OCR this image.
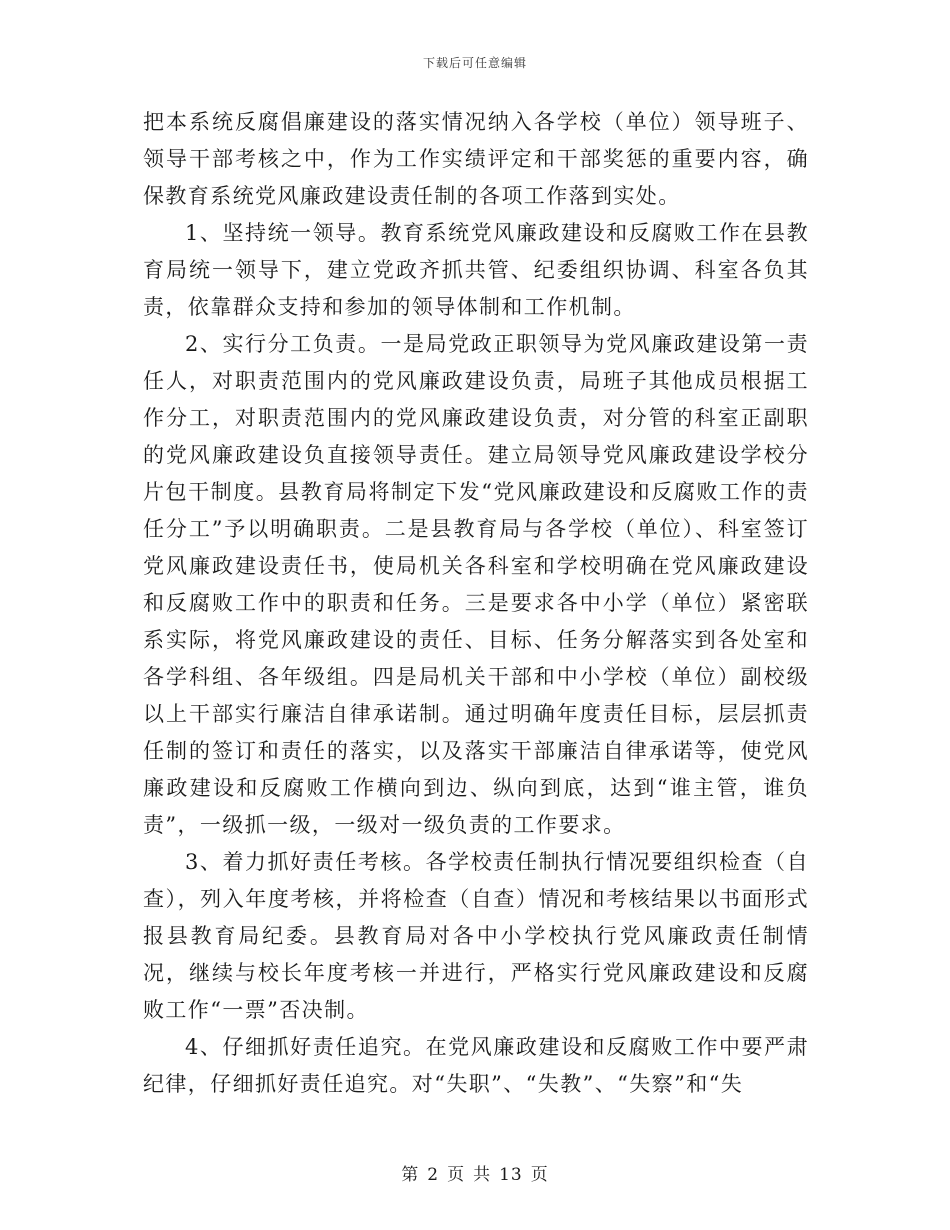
下载后可任意编辑

把本系统反腐倡廉建设的落实情况纳入各学校（单位）领导班子、领导干部考核之中，作为工作实绩评定和干部奖惩的重要内容，确保教育系统党风廉政建设责任制的各项工作落到实处。

1、坚持统一领导。教育系统党风廉政建设和反腐败工作在县教育局统一领导下，建立党政齐抓共管、纪委组织协调、科室各负其责，依靠群众支持和参加的领导体制和工作机制。

2、实行分工负责。一是局党政正职领导为党风廉政建设第一责任人，对职责范围内的党风廉政建设负责，局班子其他成员根据工作分工，对职责范围内的党风廉政建设负责，对分管的科室正副职的党风廉政建设负直接领导责任。建立局领导党风廉政建设学校分片包干制度。县教育局将制定下发“党风廉政建设和反腐败工作的责任分工”予以明确职责。二是县教育局与各学校（单位）、科室签订党风廉政建设责任书，使局机关各科室和学校明确在党风廉政建设和反腐败工作中的职责和任务。三是要求各中小学（单位）紧密联系实际，将党风廉政建设的责任、目标、任务分解落实到各处室和各学科组、各年级组。四是局机关干部和中小学校（单位）副校级以上干部实行廉洁自律承诺制。通过明确年度责任目标，层层抓责任制的签订和责任的落实，以及落实干部廉洁自律承诺等，使党风廉政建设和反腐败工作横向到边、纵向到底，达到“谁主管，谁负责”，一级抓一级，一级对一级负责的工作要求。

3、着力抓好责任考核。各学校责任制执行情况要组织检查（自查），列入年度考核，并将检查（自查）情况和考核结果以书面形式报县教育局纪委。县教育局对各中小学校执行党风廉政责任制情况，继续与校长年度考核一并进行，严格实行党风廉政建设和反腐败工作“一票”否决制。

4、仔细抓好责任追究。在党风廉政建设和反腐败工作中要严肃纪律，仔细抓好责任追究。对“失职”、“失教”、“失察”和“失

第 2 页 共 13 页
